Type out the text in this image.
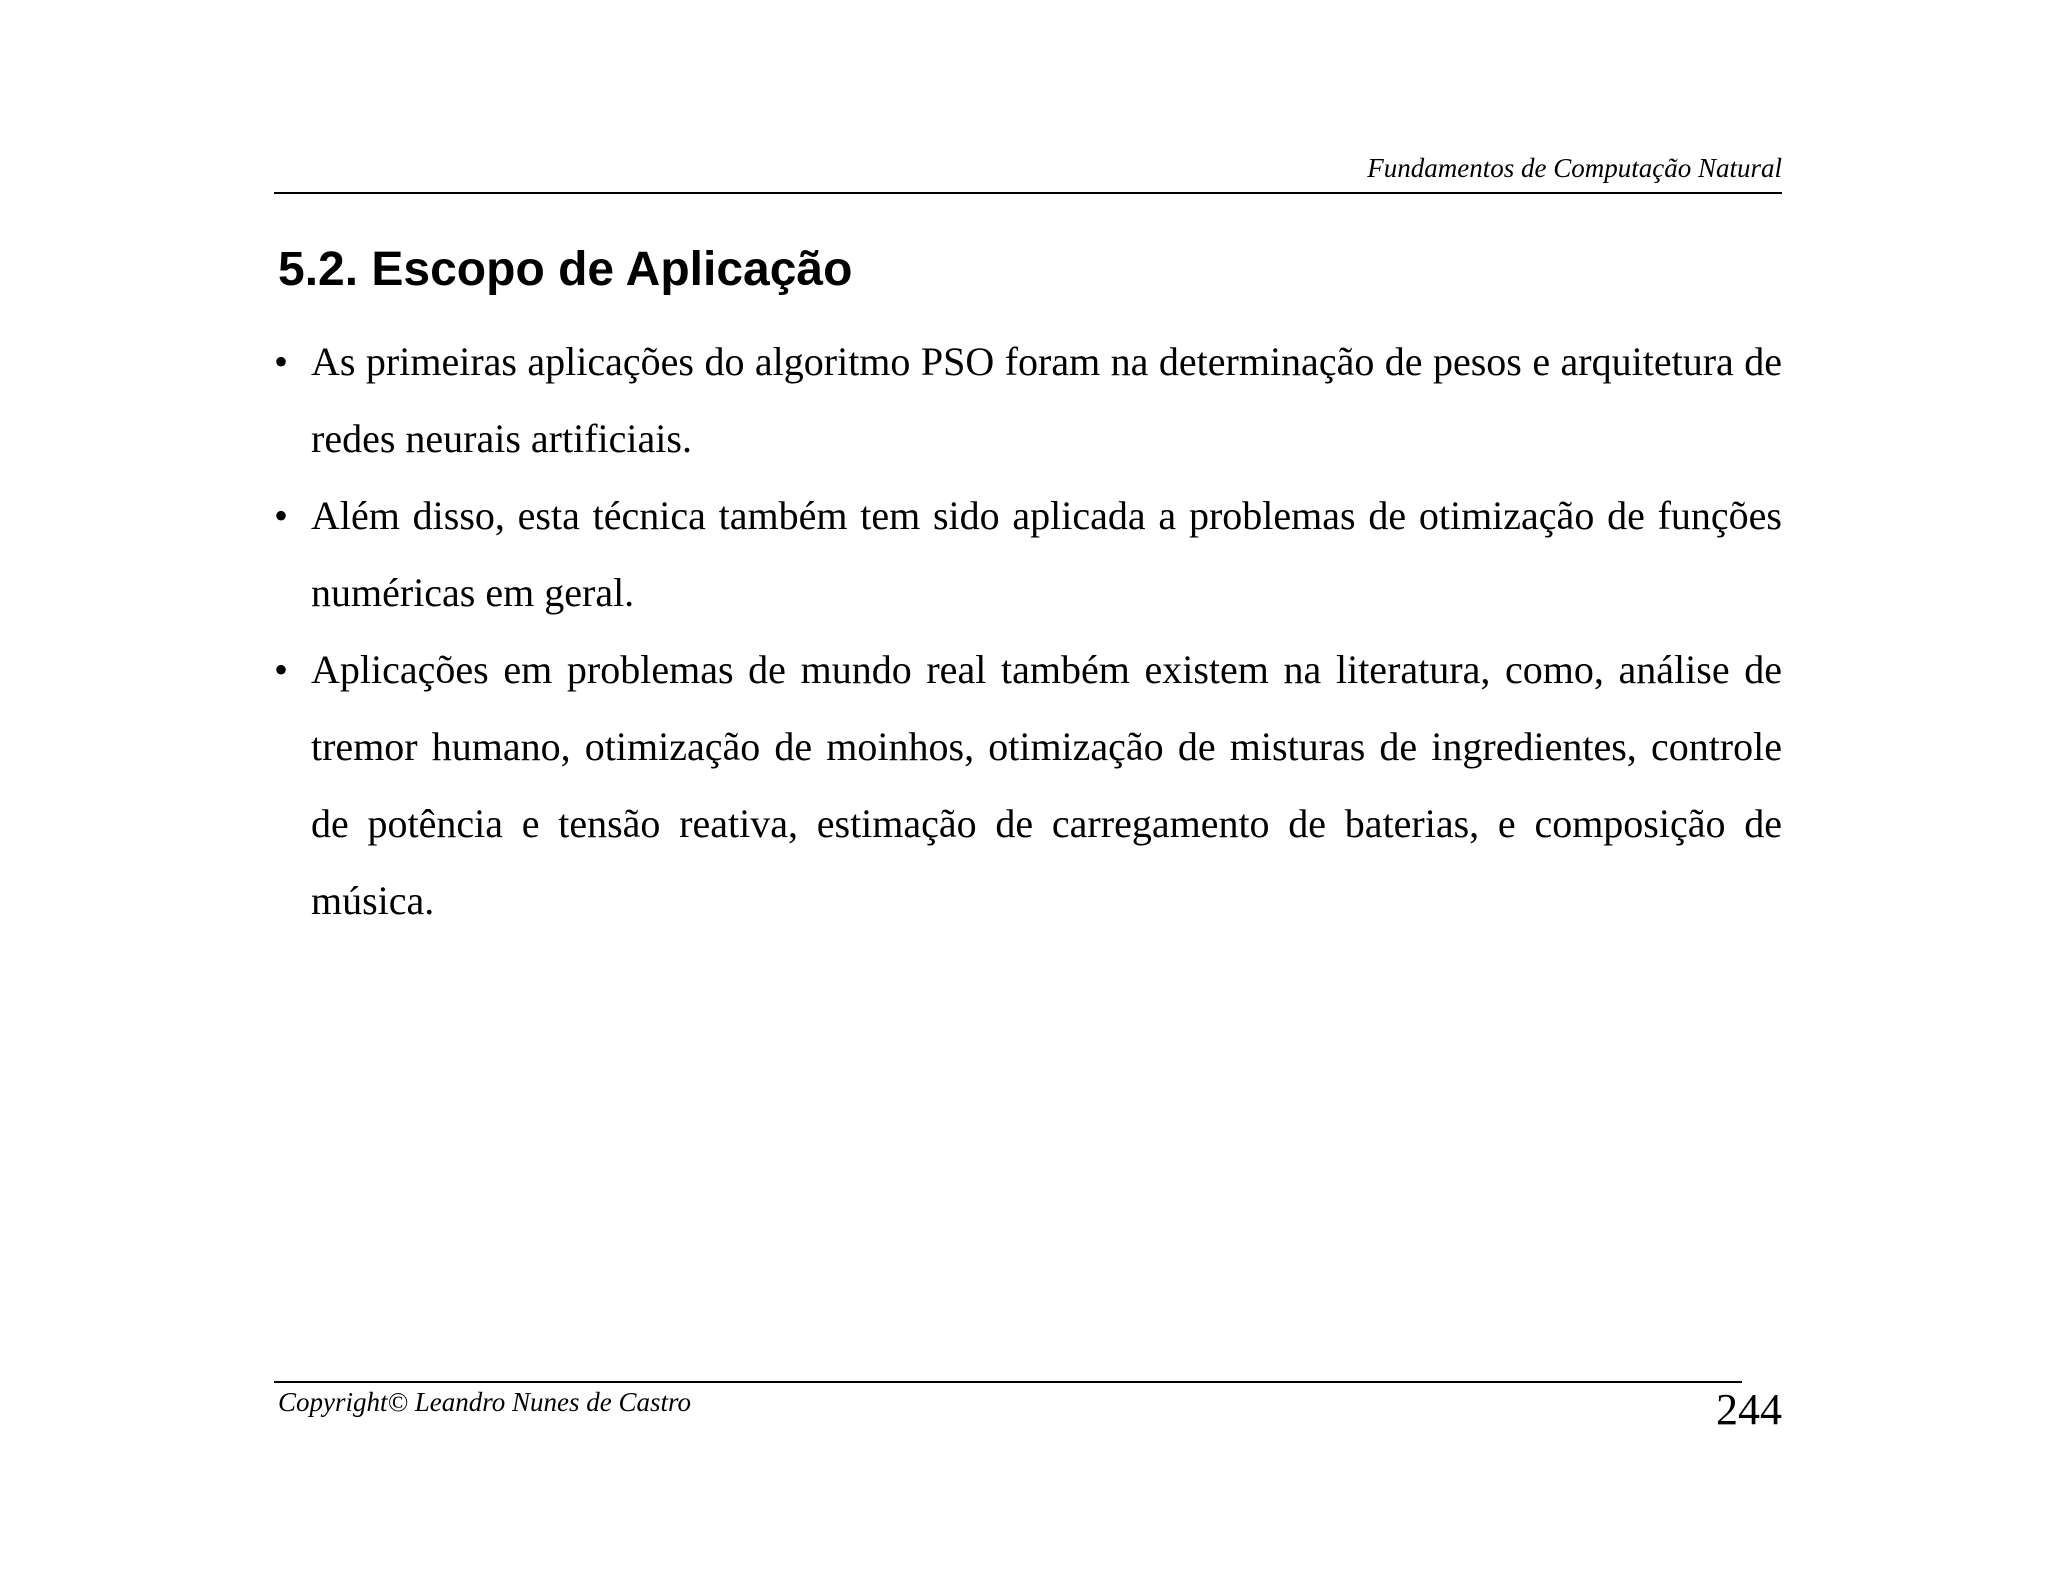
Fundamentos de Computação Natural
5.2. Escopo de Aplicação
• As primeiras aplicações do algoritmo PSO foram na determinação de pesos e arquitetura de redes neurais artificiais.
• Além disso, esta técnica também tem sido aplicada a problemas de otimização de funções numéricas em geral.
• Aplicações em problemas de mundo real também existem na literatura, como, análise de tremor humano, otimização de moinhos, otimização de misturas de ingredientes, controle de potência e tensão reativa, estimação de carregamento de baterias, e composição de música.
Copyright© Leandro Nunes de Castro	244
